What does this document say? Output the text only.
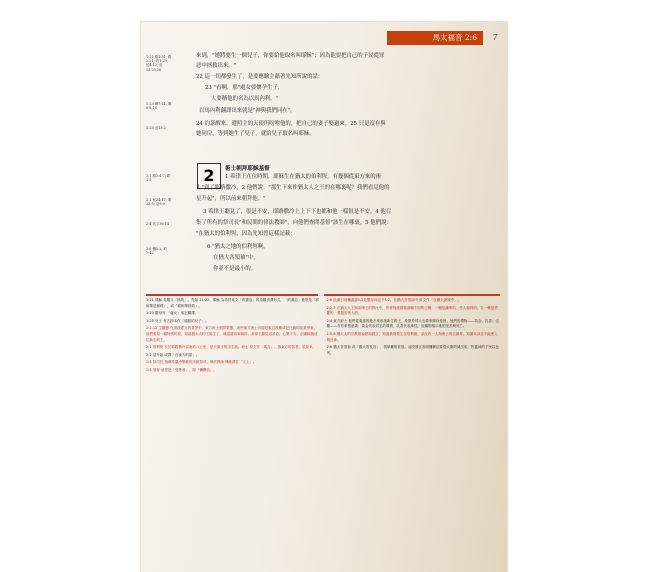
馬太福音 2:6	7
1:21 路1:31; 路2:21; 約1:29; 徒4:12; 徒13:23,38
1:23 賽7:14; 賽8:8,10
1:25 出13:2
2:1 路2:4-7; 路1:5
2:2 民24:17; 耶23:5; 亞9:9
2:4 代下36:14
2:6 彌5:2; 約7:42
來到，"她將要生一個兒子，你要給他取名叫耶穌"；因為他要把自己的子民從罪
惡中拯救出來。"
22 這一切都發生了，是要應驗主藉著先知所說的話：
23 "看啊，那"處女要懷孕生子，
人要稱他的名為以馬內利。"
以馬內利翻譯出來就是"神與我們同在"。
24 約瑟醒來，遵照主的天使所吩咐他的，把自己的妻子娶過來。25 只是沒有與
她同房，等到她生了兒子，就給兒子取名叫耶穌。
2	術士朝拜耶穌基督
1 希律王在位時期，耶穌生在猶太的伯利恆。有幾個從東方來的術
士"到了耶路撒冷，2 他們說："那生下來作猶太人之王的在哪裏呢？我們看見他的
星升起"，所以前來朝拜他。"
3 希律王聽見了，很是不安，耶路撒冷上上下下也都和他一樣很是不安。4 他召
集了所有的祭司長"和民間的律法教師"，向他們查問基督"該生在哪裏。5 他們說：
"在猶太的伯利恆，因為先知曾這樣記載：
6 "猶太之地的伯利恆啊，
在猶大各領袖"中，
你並不是最小的。

1:21 耶穌 希臘文「拯救」。先知 11:22。耶穌 為希伯來文「約書亞」的希臘音譯形式，「約書亞」意思是「耶和華是拯救」，或「耶和華拯救」。

1:23 撒母耳 「處女」來定翻譯。

1:25 兒子 有古抄本作「頭胎的兒子」。

2:1-12 主顯節 在這段經文的背景中，東方術士朝拜聖嬰。這些東方術士可能是來自波斯或巴比倫的星象學家。他們看見一顆特別的星，知道猶太人的王誕生了，就遠道前來朝拜。希律王聽見這消息，心裏不安，企圖除滅這位新生的王。

2:1 伯利恆 位於耶路撒冷以南約八公里，是大衛王的出生地。術士 原文作「瑪吉」，指東方的智者、星象家。

2:2 星升起 或譯「在東方的星」。

2:4 祭司長 指耶路撒冷聖殿的高級祭司。律法教師 傳統譯作「文士」。

2:4 基督 意思是「受膏者」，即「彌賽亞」。

2:6 此處引用彌迦書5:2及撒母耳記下5:2。在猶大各領袖中 原文作「在猶大諸城中」。

2:2-3 在猶太人王與希律王的對比中，作者刻意描寫兩種不同的王權：一種是謙卑的、受人朝拜的；另一種是恐懼的、要殺害別人的。

2:4 東方術士 他們從遙遠的地方來尋找新生的王，象徵外邦人也要來歸向基督。他們的禮物——黃金、乳香、沒藥——各有象徵意義：黃金代表君王的尊貴，乳香代表神性，沒藥則預示祂的受苦與死亡。

2:5-6 猶太人的宗教領袖熟知經文，知道基督要生在伯利恆，卻沒有一人與術士同去朝拜。知識本身並不能使人親近神。

2:6 猶太各領袖 或「猶大的長官」，指掌權的首領。這段預言表明彌賽亞要從大衛的城出來，牧養神的子民以色列。
